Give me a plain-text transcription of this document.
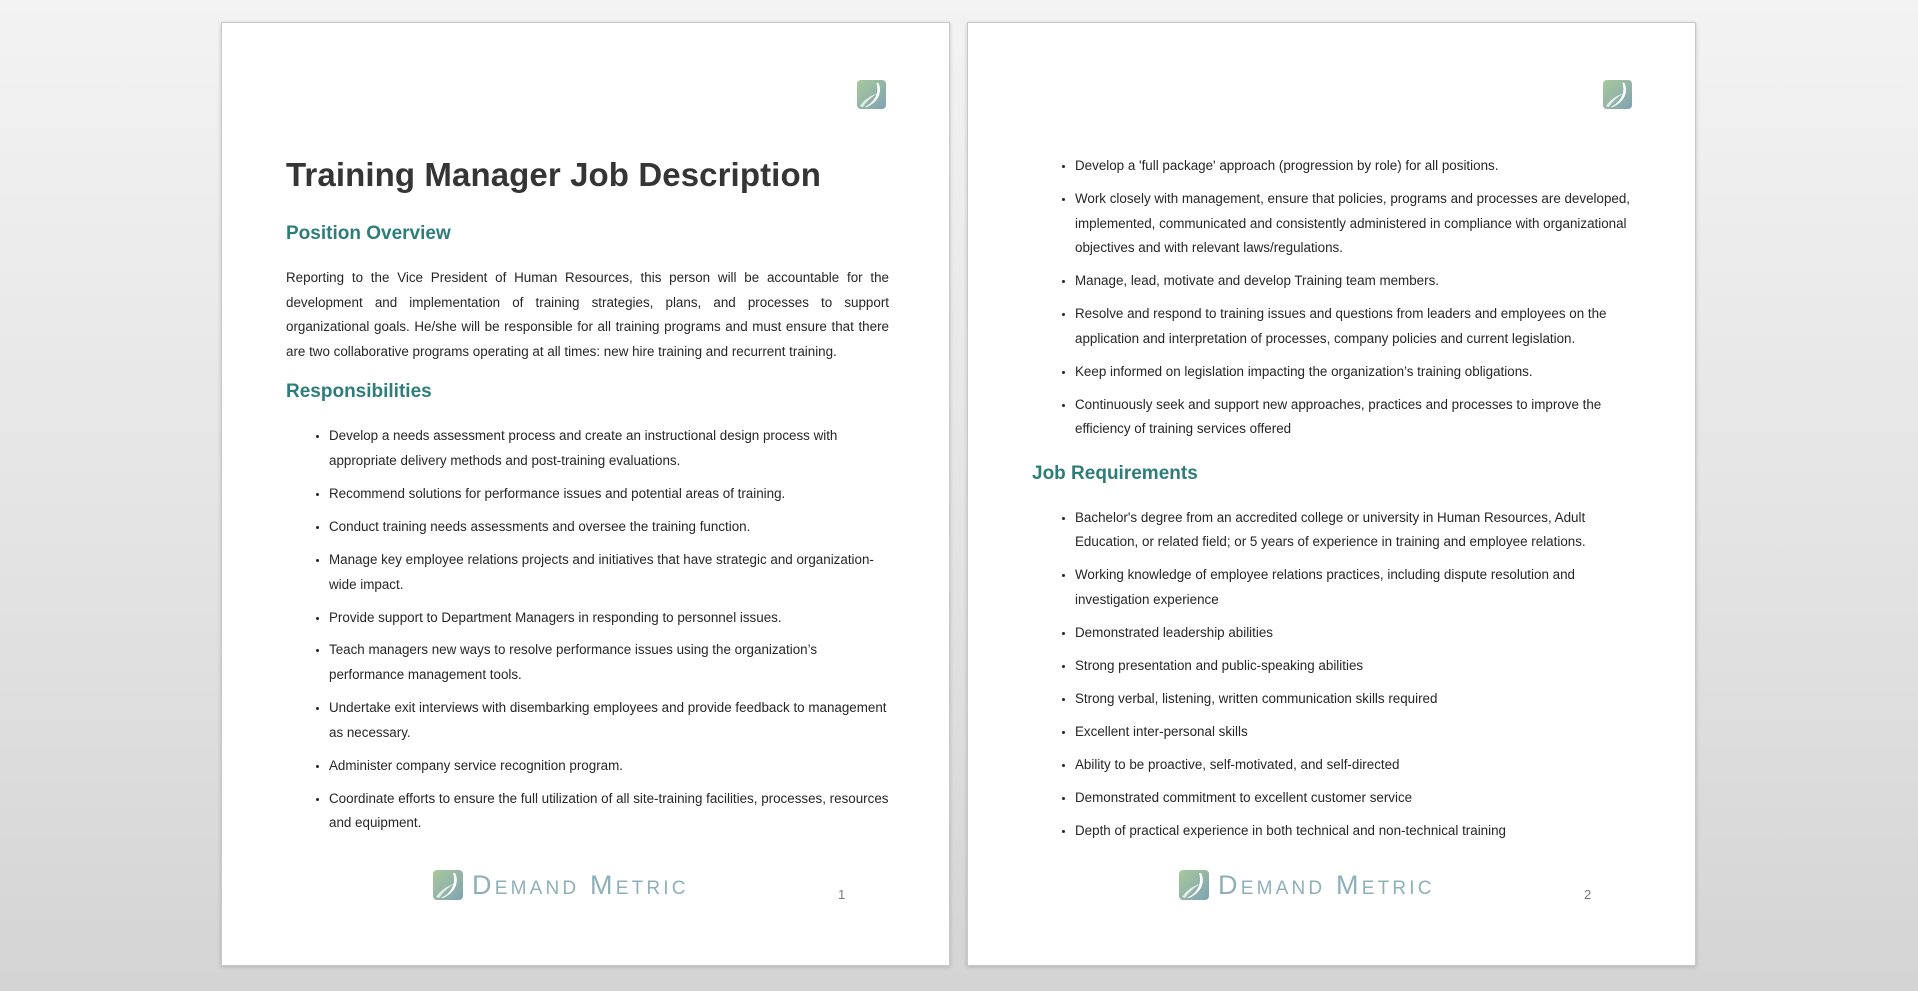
Training Manager Job Description
Position Overview

Reporting to the Vice President of Human Resources, this person will be accountable for the development and implementation of training strategies, plans, and processes to support organizational goals. He/she will be responsible for all training programs and must ensure that there are two collaborative programs operating at all times: new hire training and recurrent training.

Responsibilities
• Develop a needs assessment process and create an instructional design process with appropriate delivery methods and post-training evaluations.
• Recommend solutions for performance issues and potential areas of training.
• Conduct training needs assessments and oversee the training function.
• Manage key employee relations projects and initiatives that have strategic and organization-wide impact.
• Provide support to Department Managers in responding to personnel issues.
• Teach managers new ways to resolve performance issues using the organization’s performance management tools.
• Undertake exit interviews with disembarking employees and provide feedback to management as necessary.
• Administer company service recognition program.
• Coordinate efforts to ensure the full utilization of all site-training facilities, processes, resources and equipment.
Demand Metric	1
• Develop a 'full package' approach (progression by role) for all positions.
• Work closely with management, ensure that policies, programs and processes are developed, implemented, communicated and consistently administered in compliance with organizational objectives and with relevant laws/regulations.
• Manage, lead, motivate and develop Training team members.
• Resolve and respond to training issues and questions from leaders and employees on the application and interpretation of processes, company policies and current legislation.
• Keep informed on legislation impacting the organization’s training obligations.
• Continuously seek and support new approaches, practices and processes to improve the efficiency of training services offered
Job Requirements
• Bachelor's degree from an accredited college or university in Human Resources, Adult Education, or related field; or 5 years of experience in training and employee relations.
• Working knowledge of employee relations practices, including dispute resolution and investigation experience
• Demonstrated leadership abilities
• Strong presentation and public-speaking abilities
• Strong verbal, listening, written communication skills required
• Excellent inter-personal skills
• Ability to be proactive, self-motivated, and self-directed
• Demonstrated commitment to excellent customer service
• Depth of practical experience in both technical and non-technical training
Demand Metric	2
